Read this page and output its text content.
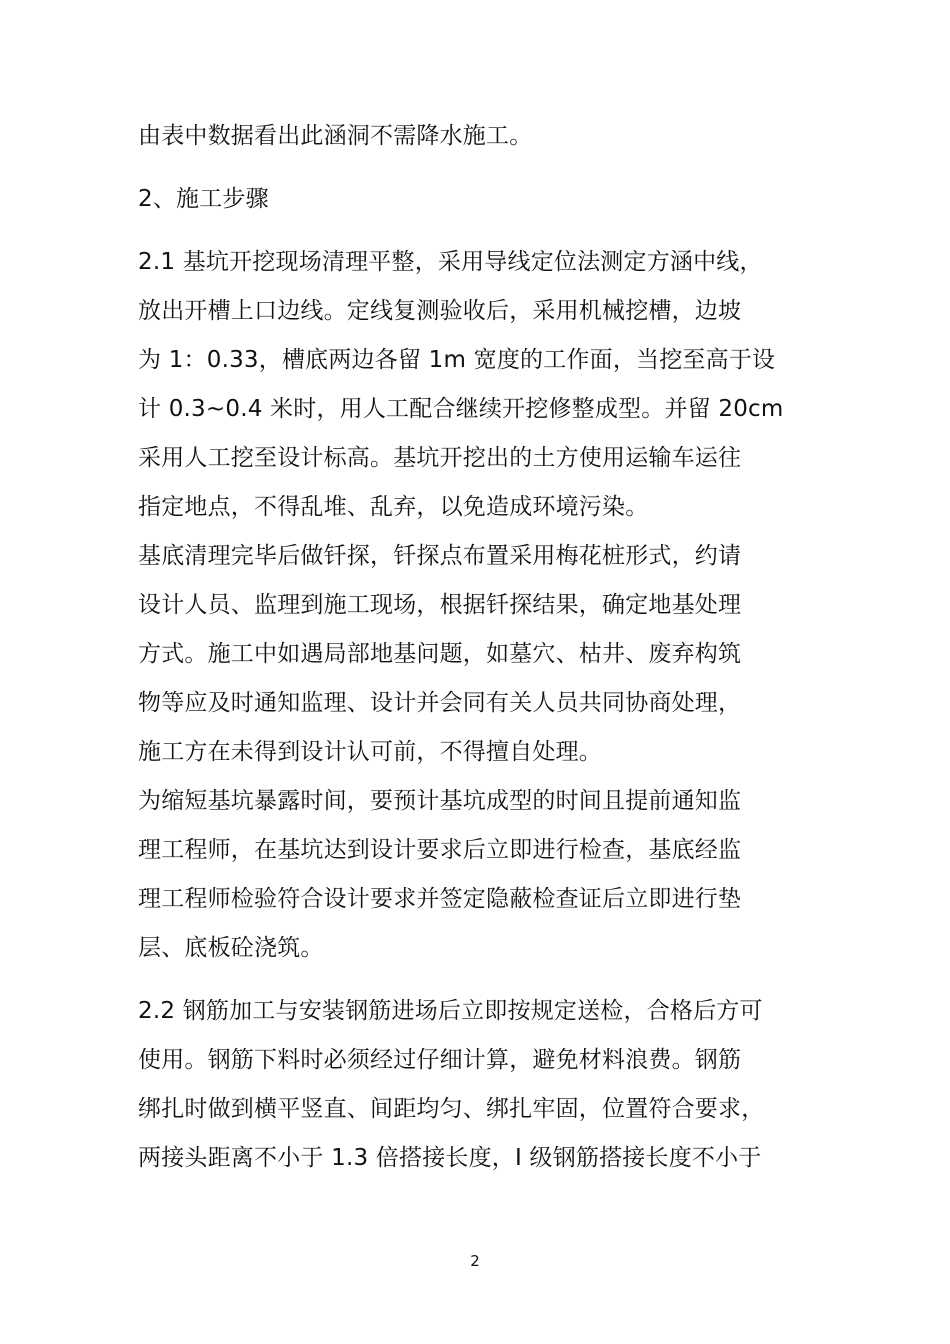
由表中数据看出此涵洞不需降水施工。

2、施工步骤

2.1 基坑开挖现场清理平整，采用导线定位法测定方涵中线，
放出开槽上口边线。定线复测验收后，采用机械挖槽，边坡
为 1：0.33，槽底两边各留 1m 宽度的工作面，当挖至高于设
计 0.3~0.4 米时，用人工配合继续开挖修整成型。并留 20cm
采用人工挖至设计标高。基坑开挖出的土方使用运输车运往
指定地点，不得乱堆、乱弃，以免造成环境污染。

基底清理完毕后做钎探，钎探点布置采用梅花桩形式，约请
设计人员、监理到施工现场，根据钎探结果，确定地基处理
方式。施工中如遇局部地基问题，如墓穴、枯井、废弃构筑
物等应及时通知监理、设计并会同有关人员共同协商处理，
施工方在未得到设计认可前，不得擅自处理。

为缩短基坑暴露时间，要预计基坑成型的时间且提前通知监
理工程师，在基坑达到设计要求后立即进行检查，基底经监
理工程师检验符合设计要求并签定隐蔽检查证后立即进行垫
层、底板砼浇筑。

2.2 钢筋加工与安装钢筋进场后立即按规定送检，合格后方可
使用。钢筋下料时必须经过仔细计算，避免材料浪费。钢筋
绑扎时做到横平竖直、间距均匀、绑扎牢固，位置符合要求，
两接头距离不小于 1.3 倍搭接长度，I 级钢筋搭接长度不小于

2
